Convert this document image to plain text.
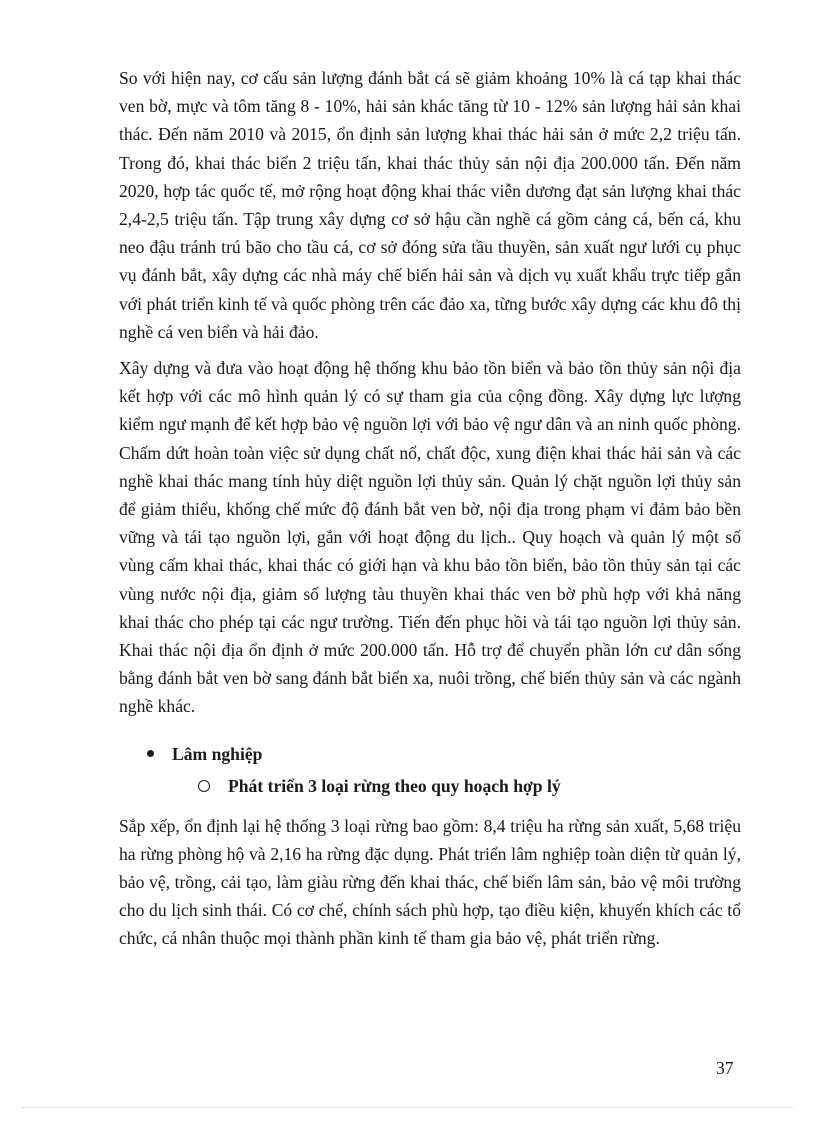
So với hiện nay, cơ cấu sản lượng đánh bắt cá sẽ giảm khoảng 10% là cá tạp khai thác ven bờ, mực và tôm tăng 8 - 10%, hải sản khác tăng từ 10 - 12% sản lượng hải sản khai thác. Đến năm 2010 và 2015, ổn định sản lượng khai thác hải sản ở mức 2,2 triệu tấn. Trong đó, khai thác biển 2 triệu tấn, khai thác thủy sản nội địa 200.000 tấn. Đến năm 2020, hợp tác quốc tế, mở rộng hoạt động khai thác viễn dương đạt sản lượng khai thác 2,4-2,5 triệu tấn. Tập trung xây dựng cơ sở hậu cần nghề cá gồm cảng cá, bến cá, khu neo đậu tránh trú bão cho tầu cá, cơ sở đóng sửa tầu thuyền, sản xuất ngư lưới cụ phục vụ đánh bắt, xây dựng các nhà máy chế biến hải sản và dịch vụ xuất khẩu trực tiếp gắn với phát triển kinh tế và quốc phòng trên các đảo xa, từng bước xây dựng các khu đô thị nghề cá ven biển và hải đảo.

Xây dựng và đưa vào hoạt động hệ thống khu bảo tồn biển và bảo tồn thủy sản nội địa kết hợp với các mô hình quản lý có sự tham gia của cộng đồng. Xây dựng lực lượng kiểm ngư mạnh để kết hợp bảo vệ nguồn lợi với bảo vệ ngư dân và an ninh quốc phòng. Chấm dứt hoàn toàn việc sử dụng chất nổ, chất độc, xung điện khai thác hải sản và các nghề khai thác mang tính hủy diệt nguồn lợi thủy sản. Quản lý chặt nguồn lợi thủy sản để giảm thiểu, khống chế mức độ đánh bắt ven bờ, nội địa trong phạm vi đảm bảo bền vững và tái tạo nguồn lợi, gắn với hoạt động du lịch.. Quy hoạch và quản lý một số vùng cấm khai thác, khai thác có giới hạn và khu bảo tồn biển, bảo tồn thủy sản tại các vùng nước nội địa, giảm số lượng tàu thuyền khai thác ven bờ phù hợp với khả năng khai thác cho phép tại các ngư trường. Tiến đến phục hồi và tái tạo nguồn lợi thủy sản. Khai thác nội địa ổn định ở mức 200.000 tấn. Hỗ trợ để chuyển phần lớn cư dân sống bằng đánh bắt ven bờ sang đánh bắt biển xa, nuôi trồng, chế biến thủy sản và các ngành nghề khác.

Lâm nghiệp
Phát triển 3 loại rừng theo quy hoạch hợp lý

Sắp xếp, ổn định lại hệ thống 3 loại rừng bao gồm: 8,4 triệu ha rừng sản xuất, 5,68 triệu ha rừng phòng hộ và 2,16 ha rừng đặc dụng. Phát triển lâm nghiệp toàn diện từ quản lý, bảo vệ, trồng, cải tạo, làm giàu rừng đến khai thác, chế biến lâm sản, bảo vệ môi trường cho du lịch sinh thái. Có cơ chế, chính sách phù hợp, tạo điều kiện, khuyến khích các tổ chức, cá nhân thuộc mọi thành phần kinh tế tham gia bảo vệ, phát triển rừng.

37
